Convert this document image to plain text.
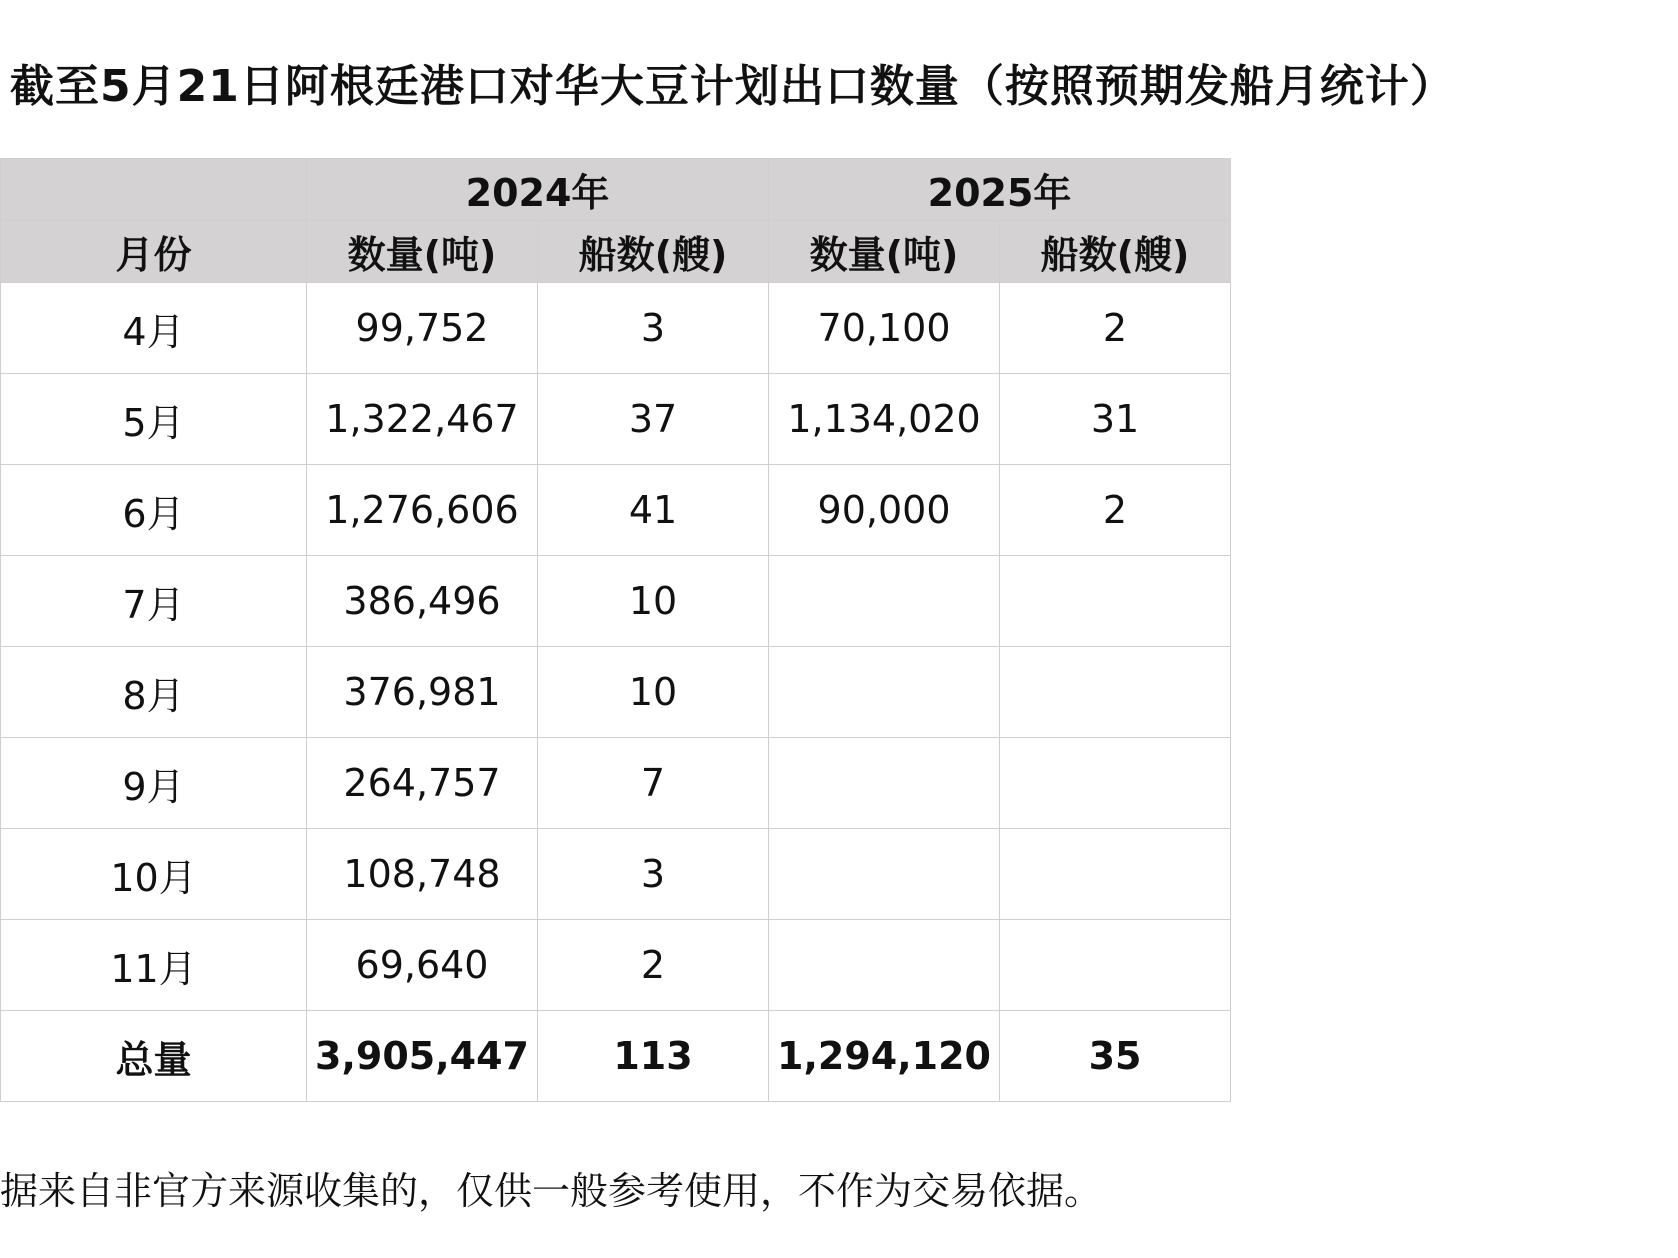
截至5月21日阿根廷港口对华大豆计划出口数量（按照预期发船月统计）
	2024年		2025年	
月份	数量(吨)	船数(艘)	数量(吨)	船数(艘)
4月	99,752	3	70,100	2
5月	1,322,467	37	1,134,020	31
6月	1,276,606	41	90,000	2
7月	386,496	10		
8月	376,981	10		
9月	264,757	7		
10月	108,748	3		
11月	69,640	2		
总量	3,905,447	113	1,294,120	35
据来自非官方来源收集的，仅供一般参考使用，不作为交易依据。
